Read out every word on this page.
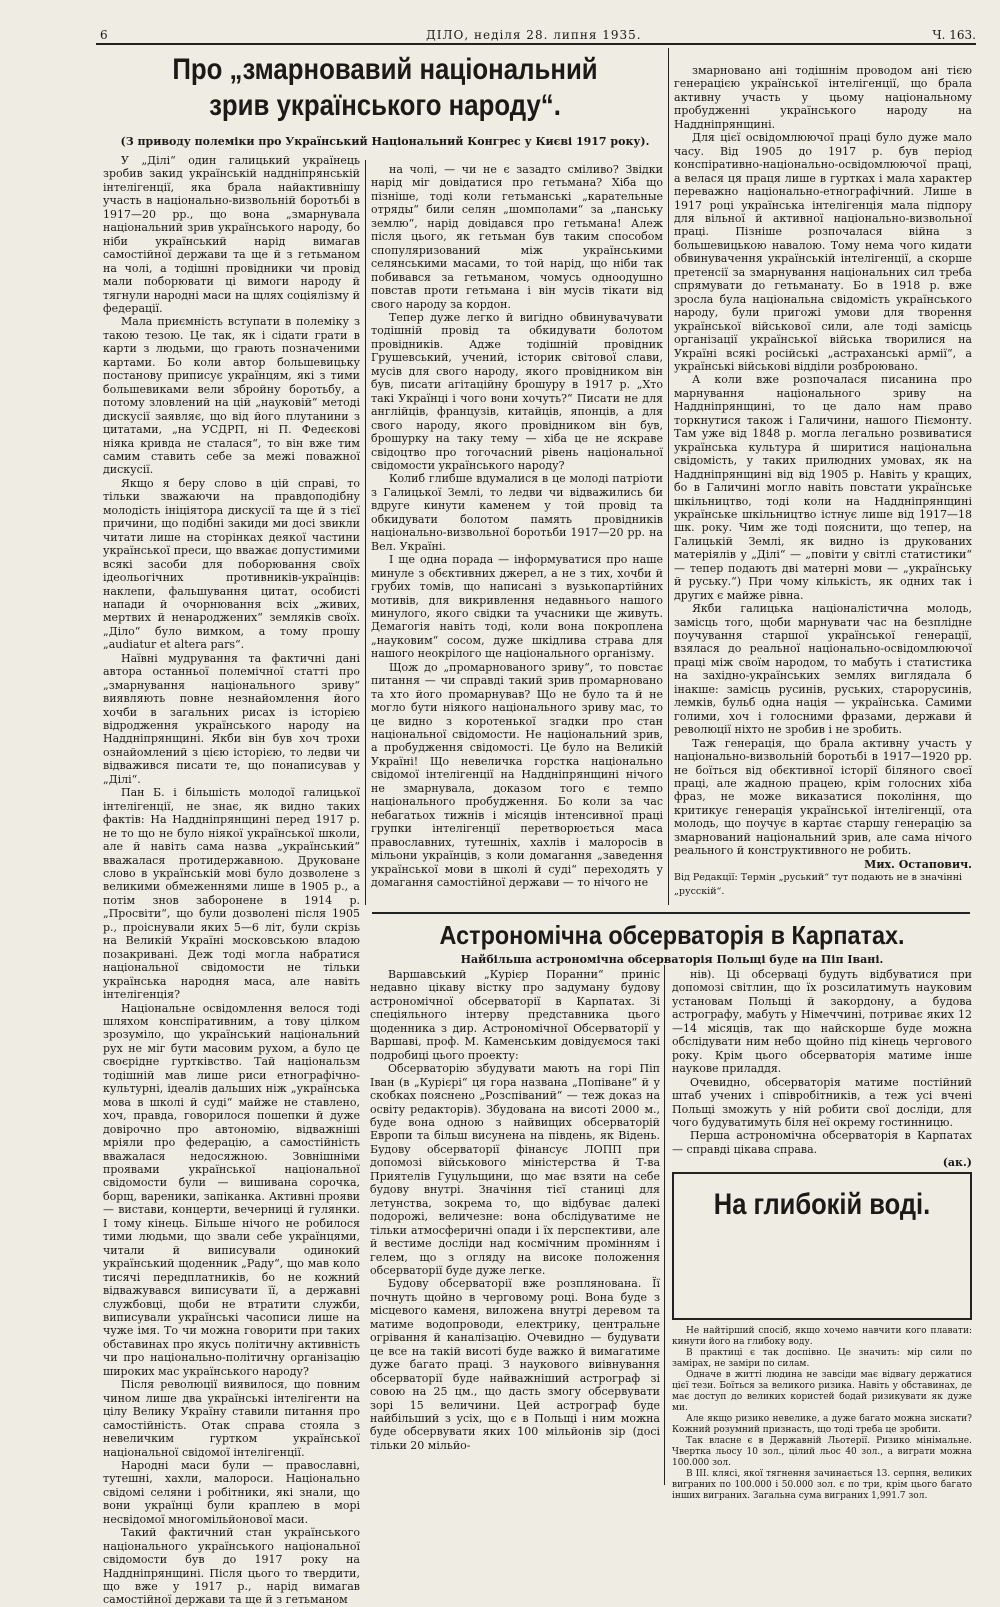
6	ДІЛО, неділя 28. липня 1935.	Ч. 163.
Про „змарновавий національний зрив українського народу“.
(З приводу полеміки про Український Національний Конгрес у Києві 1917 року).

У „Ділі“ один галицький українець зробив закид українській наддніпрянській інтелігенції, яка брала найактивнішу участь в національно-визвольній боротьбі в 1917—20 рр., що вона „змарнувала національний зрив українського народу, бо ніби український нарід вимагав самостійної держави та ще й з гетьманом на чолі, а тодішні провідники чи провід мали поборювати ці вимоги народу й тягнули народні маси на щлях соціялізму й федерації.

Мала приємність вступати в полеміку з такою тезою. Це так, як і сідати грати в карти з людьми, що грають позначеними картами. Бо коли автор большевицьку постанову приписує українцям, які з тими большевиками вели збройну боротьбу, а потому зловлений на цій „науковій“ методі дискусії заявляє, що від його плутанини з цитатами, „на УСДРП, ні П. Федеєкові ніяка кривда не сталася“, то він вже тим самим ставить себе за межі поважної дискусії.

Якщо я беру слово в цій справі, то тільки зважаючи на правдоподібну молодість ініціятора дискусії та ще й з тієї причини, що подібні закиди ми досі звикли читати лише на сторінках деякої частини української преси, що вважає допустимими всякі засоби для поборювання своїх ідеольогічних противників-українців: наклепи, фальшування цитат, особисті напади й очорнювання всіх „живих, мертвих й ненароджених“ земляків своїх. „Діло“ було вимком, а тому прошу „audiatur et altera pars“.

Наївні мудрування та фактичні дані автора останньої полемічної статті про „змарнування національного зриву“ виявляють повне незнайомлення його хочби в загальних рисах із історією відродження українського народу на Наддніпрянщині. Якби він був хоч трохи ознайомлений з цією історією, то ледви чи відважився писати те, що понаписував у „Ділі“.

Пан Б. і більшість молодої галицької інтелігенції, не знає, як видно таких фактів: На Наддніпрянщині перед 1917 р. не то що не було ніякої української школи, але й навіть сама назва „український“ вважалася протидержавною. Друковане слово в українській мові було дозволене з великими обмеженнями лише в 1905 р., а потім знов заборонене в 1914 р. „Просвіти“, що були дозволені після 1905 р., проіснували яких 5—6 літ, були скрізь на Великій Україні московською владою позакривані. Деж тоді могла набратися національної свідомости не тільки українська народня маса, але навіть інтелігенція?

Національне освідомлення велося тоді шляхом конспіративним, а тову цілком зрозуміло, що український національний рух не міг бути масовим рухом, а було це своєрідне гуртківство. Тай національзм тодішній мав лише риси етнографічно-культурні, ідеалів дальших ніж „українська мова в школі й суді“ майже не ставлено, хоч, правда, говорилося пошепки й дуже довірочно про автономію, відважніші мріяли про федерацію, а самостійність вважалася недосяжною. Зовнішніми проявами української національної свідомости були — вишивана сорочка, борщ, вареники, запіканка. Активні прояви — вистави, концерти, вечерниці й гулянки. І тому кінець. Більше нічого не робилося тими людьми, що звали себе українцями, читали й виписували одинокий український щоденник „Раду“, що мав коло тисячі передплатників, бо не кожний відважувався виписувати її, а державні службовці, щоби не втратити служби, виписували українські часописи лише на чуже імя. То чи можна говорити при таких обставинах про якусь політичну активність чи про національно-політичну організацію широких мас українського народу?

Після революції виявилося, що повним чином лише два українські інтелігенти на цілу Велику Україну ставили питання про самостійність. Отак справа стояла з невеличким гуртком української національної свідомої інтелігенції.

Народні маси були — православні, тутешні, хахли, малороси. Національно свідомі селяни і робітники, які знали, що вони українці були краплею в морі несвідомої многомільйонової маси.

Такий фактичний стан українського національного українського національної свідомости був до 1917 року на Наддніпрянщині. Після цього то твердити, що вже у 1917 р., нарід вимагав самостійної держави та ще й з гетьманом

на чолі, — чи не є зазадто сміливо? Звідки нарід міг довідатися про гетьмана? Хіба що пізніше, тоді коли гетьманські „карательные отряды“ били селян „шомполами“ за „панську землю“, нарід довідався про гетьмана! Алеж після цього, як гетьман був таким способом спопуляризований між українськими селянськими масами, то той нарід, що ніби так побивався за гетьманом, чомусь одноодушно повстав проти гетьмана і він мусів тікати від свого народу за кордон.

Тепер дуже легко й вигідно обвинувачувати тодішній провід та обкидувати болотом провідників. Адже тодішній провідник Грушевський, учений, історик світової слави, мусів для свого народу, якого провідником він був, писати агітаційну брошуру в 1917 р. „Хто такі Українці і чого вони хочуть?“ Писати не для англійців, французів, китайців, японців, а для свого народу, якого провідником він був, брошурку на таку тему — хіба це не яскраве свідоцтво про тогочасний рівень національної свідомости українського народу?

Колиб глибше вдумалися в це молоді патріоти з Галицької Землі, то ледви чи відважились би вдруге кинути каменем у той провід та обкидувати болотом память провідників національно-визвольної боротьби 1917—20 рр. на Вел. Україні.

І ще одна порада — інформуватися про наше минуле з обєктивних джерел, а не з тих, хочби й грубих томів, що написані з вузькопартійних мотивів, для викривлення недавнього нашого минулого, якого свідки та учасники ще живуть. Демагогія навіть тоді, коли вона покроплена „науковим“ сосом, дуже шкідлива страва для нашого неокрілого ще національного організму.

Щож до „промарнованого зриву“, то повстає питання — чи справді такий зрив промарновано та хто його промарнував? Що не було та й не могло бути ніякого національного зриву мас, то це видно з коротенької згадки про стан національної свідомости. Не національний зрив, а пробудження свідомості. Це було на Великій Україні! Що невеличка горстка національно свідомої інтелігенції на Наддніпрянщині нічого не змарнувала, доказом того є темпо національного пробудження. Бо коли за час небагатьох тижнів і місяців інтенсивної праці групки інтелігенції перетворюється маса православних, тутешніх, хахлів і малоросів в мільони українців, з коли домагання „заведення української мови в школі й суді“ переходять у домагання самостійної держави — то нічого не

змарновано ані тодішнім проводом ані тією генерацією української інтелігенції, що брала активну участь у цьому національному пробудженні українського народу на Наддніпрянщині.

Для цієї освідомлюючої праці було дуже мало часу. Від 1905 до 1917 р. був період конспіративно-національно-освідомлюючої праці, а велася ця праця лише в гуртках і мала характер переважно національно-етнографічний. Лише в 1917 році українська інтелігенція мала підпору для вільної й активної національно-визвольної праці. Пізніше розпочалася війна з большевицькою навалою. Тому нема чого кидати обвинувачення українській інтелігенції, а скорше претенсії за змарнування національних сил треба спрямувати до гетьманату. Бо в 1918 р. вже зросла була національна свідомість українського народу, були пригожі умови для творення української військової сили, але тоді замісць організації української війська творилися на Україні всякі російські „астраханські армії“, а українські військові відділи розброювано.

А коли вже розпочалася писанина про марнування національного зриву на Наддніпрянщині, то це дало нам право торкнутися також і Галичини, нашого Піємонту. Там уже від 1848 р. могла легально розвиватися українська культура й ширитися національна свідомість, у таких прилюдних умовах, як на Наддніпрянщині від від 1905 р. Навіть у кращих, бо в Галичині могло навіть повстати українське шкільництво, тоді коли на Наддніпрянщині українське шкільництво істнує лише від 1917—18 шк. року. Чим же тоді пояснити, що тепер, на Галицькій Землі, як видно із друкованих матеріялів у „Ділі“ — „повіти у світлі статистики“ — тепер подають дві матерні мови — „українську й руську.“) При чому кількість, як одних так і других є майже рівна.

Якби галицька націоналістична молодь, замісць того, щоби марнувати час на безплідне поучування старшої української генерації, взялася до реальної національно-освідомлюючої праці між своїм народом, то мабуть і статистика на західно-українських землях виглядала б інакше: замісць русинів, руських, старорусинів, лемків, бульб одна нація — українська. Самими голими, хоч і голосними фразами, держави й революції ніхто не зробив і не зробить.

Таж генерація, що брала активну участь у національно-визвольній боротьбі в 1917—1920 рр. не боїться від обєктивної історії біляного своєї праці, але жадною працею, крім голосних хіба фраз, не може виказатися покоління, що критикує генерація української інтелігенції, ота молодь, що поучує в картає старшу генерацію за змарнований національний зрив, але сама нічого реального й конструктивного не робить.

Мих. Остапович.

Від Редакції: Термін „руський“ тут подають не в значінні „русскій“.

Астрономічна обсерваторія в Карпатах.
Найбільша астрономічна обсерваторія Польщі буде на Піп Івані.

Варшавський „Курієр Поранни“ приніс недавно цікаву вістку про задуману будову астрономічної обсерваторії в Карпатах. Зі спеціяльного інтерву представника цього щоденника з дир. Астрономічної Обсерваторії у Варшаві, проф. М. Каменським довідуємося такі подробиці цього проекту:

Обсерваторію збудувати мають на горі Піп Іван (в „Курієрі“ ця гора названа „Попіване“ й у скобках пояснено „Розспіваний“ — теж доказ на освіту редакторів). Збудована на висоті 2000 м., буде вона одною з найвищих обсерваторій Европи та більш висунена на південь, як Відень. Будову обсерваторії фінансує ЛОПП при допомозі військового міністерства й Т-ва Приятелів Гуцульщини, що має взяти на себе будову внутрі. Значіння тієї станиці для летунства, зокрема то, що відбуває далекі подорожі, величезне: вона обслідуватиме не тільки атмосферичні опади і їх перспективи, але й вестиме досліди над космічним промінням і гелем, що з огляду на високе положення обсерваторії буде дуже легке.

Будову обсерваторії вже розплянована. Її почнуть щойно в черговому році. Вона буде з місцевого каменя, виложена внутрі деревом та матиме водопроводи, електрику, центральне огрівання й каналізацію. Очевидно — будувати це все на такій висоті буде важко й вимагатиме дуже багато праці. З наукового виівнування обсерваторії буде найважніший астрограф зі совою на 25 цм., що дасть змогу обсервувати зорі 15 величини. Цей астрограф буде найбільший з усіх, що є в Польщі і ним можна буде обсервувати яких 100 мільйонів зір (досі тільки 20 мільйо-

нів). Ці обсерваці будуть відбуватися при допомозі світлин, що їх розсилатимуть науковим установам Польщі й закордону, а будова астрографу, мабуть у Німеччині, потриває яких 12—14 місяців, так що найскорше буде можна обслідувати ним небо щойно під кінець чергового року. Крім цього обсерваторія матиме інше наукове приладдя.

Очевидно, обсерваторія матиме постійний штаб учених і співробітників, а теж усі вчені Польщі зможуть у ній робити свої досліди, для чого будуватимуть біля неї окрему гостинницю.

Перша астрономічна обсерваторія в Карпатах — справді цікава справа.

(ак.)

На глибокій воді.

Не найтірший спосіб, якщо хочемо навчити кого плавати: кинути його на глибоку воду.

В практиці є так доспівно. Це значить: мір сили по замірах, не заміри по силам.

Одначе в житті людина не завсіди має відвагу держатися цієї тези. Боїться за великого ризика. Навіть у обставинах, де має доступ до великих користей бодай ризикувати як дуже ми.

Але якщо ризико невелике, а дуже багато можна зискати? Кожний розумний признасть, що тоді треба це зробити.

Так власне є в Державній Льотерії. Ризико мінімальне. Чвертка льосу 10 зол., цілий льос 40 зол., а виграти можна 100.000 зол.

В III. кляci, якої тягнення зачинається 13. серпня, великих виграних по 100.000 і 50.000 зол. є по три, крім цього багато інших виграних. Загальна сума виграних 1,991.7 зол.
